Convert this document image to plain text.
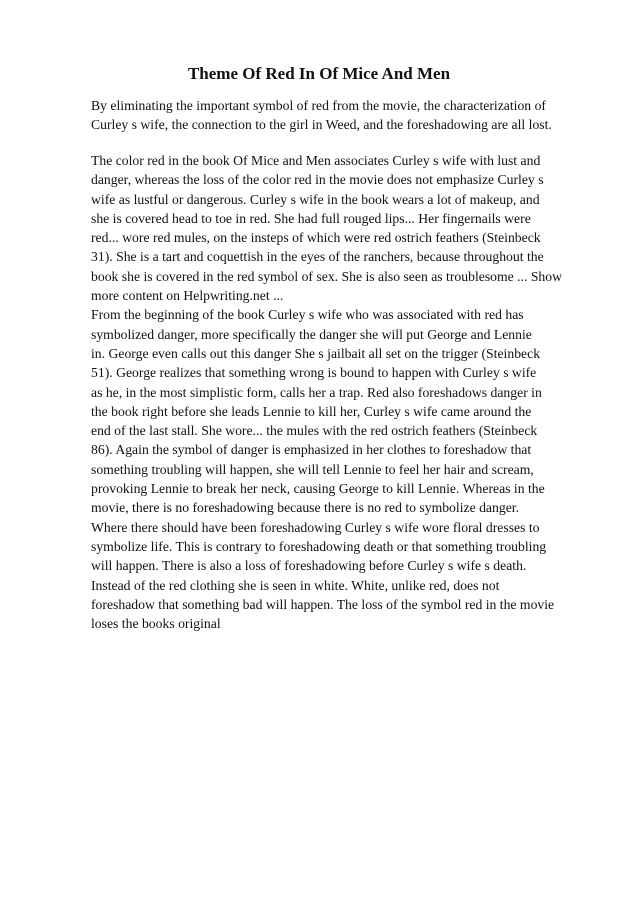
Theme Of Red In Of Mice And Men

By eliminating the important symbol of red from the movie, the characterization of
Curley s wife, the connection to the girl in Weed, and the foreshadowing are all lost.

The color red in the book Of Mice and Men associates Curley s wife with lust and
danger, whereas the loss of the color red in the movie does not emphasize Curley s
wife as lustful or dangerous. Curley s wife in the book wears a lot of makeup, and
she is covered head to toe in red. She had full rouged lips... Her fingernails were
red... wore red mules, on the insteps of which were red ostrich feathers (Steinbeck
31). She is a tart and coquettish in the eyes of the ranchers, because throughout the
book she is covered in the red symbol of sex. She is also seen as troublesome ... Show
more content on Helpwriting.net ...
From the beginning of the book Curley s wife who was associated with red has
symbolized danger, more specifically the danger she will put George and Lennie
in. George even calls out this danger She s jailbait all set on the trigger (Steinbeck
51). George realizes that something wrong is bound to happen with Curley s wife
as he, in the most simplistic form, calls her a trap. Red also foreshadows danger in
the book right before she leads Lennie to kill her, Curley s wife came around the
end of the last stall. She wore... the mules with the red ostrich feathers (Steinbeck
86). Again the symbol of danger is emphasized in her clothes to foreshadow that
something troubling will happen, she will tell Lennie to feel her hair and scream,
provoking Lennie to break her neck, causing George to kill Lennie. Whereas in the
movie, there is no foreshadowing because there is no red to symbolize danger.
Where there should have been foreshadowing Curley s wife wore floral dresses to
symbolize life. This is contrary to foreshadowing death or that something troubling
will happen. There is also a loss of foreshadowing before Curley s wife s death.
Instead of the red clothing she is seen in white. White, unlike red, does not
foreshadow that something bad will happen. The loss of the symbol red in the movie
loses the books original
